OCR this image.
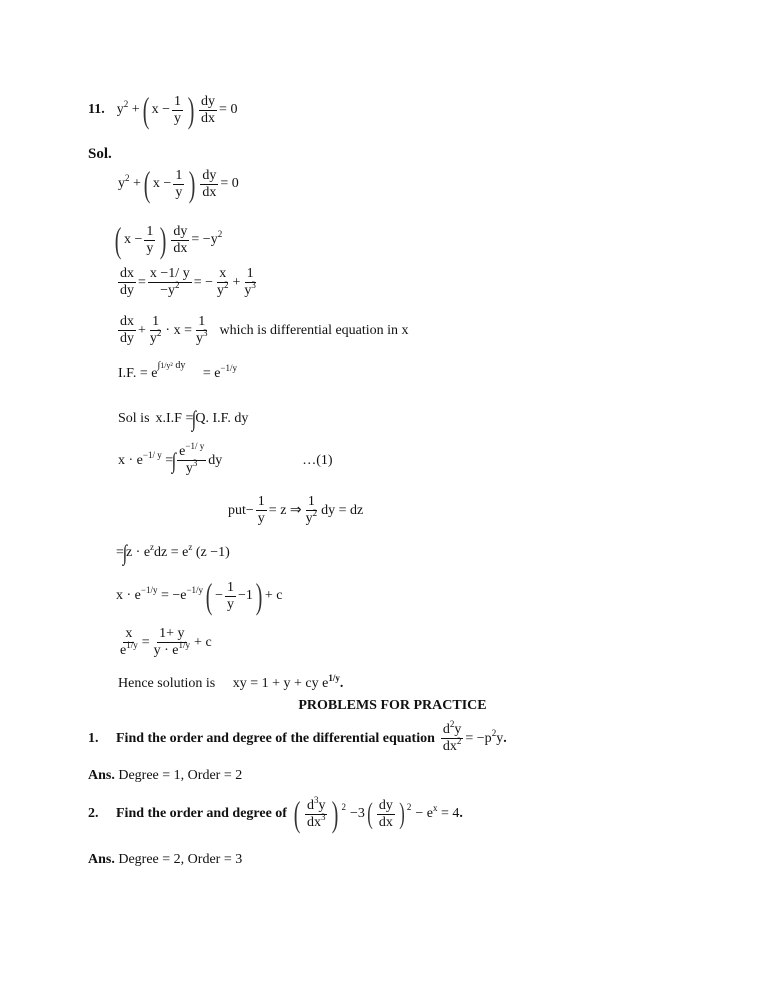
11. $y^2$ + ( $x - \frac{1}{y}$ ) $\frac{dy}{dx} = 0$
Sol.
$y^2$ + ( $x - \frac{1}{y}$ ) $\frac{dy}{dx} = 0$
( $x - \frac{1}{y}$ ) $\frac{dy}{dx} = -y^2$
$\frac{dx}{dy} = \frac{x -1/ y}{-y^2}$ = − $\frac{x}{y^2} + \frac{1}{y^3}$
$\frac{dx}{dy} + \frac{1}{y^2} \cdot x = \frac{1}{y^3}$ which is differential equation in x
I.F. = $e^{\int 1/y^2 dy} = e^{-1/y}$
Sol is x.I.F =
∫
Q. I.F. dy
$x \cdot e^{-1/ y}$ =
∫ $\frac{e^{-1/ y}}{y^3}$ dy	…(1)
put − $\frac{1}{y} = z$ ⇒ $\frac{1}{y^2}$ dy = dz
=
∫
$z \cdot e^zdz = e^z$ (z −1)
$x \cdot e^{-1/y} = -e^{-1/y}$ ( − $\frac{1}{y} -1$ ) + c
$\frac{x}{e^{1/y}} = \frac{1+ y}{y \cdot e^{1/y}} + c$
Hence solution is xy = 1 + y + cy $e^{1/y}$.
PROBLEMS FOR PRACTICE
1.	Find the order and degree of the differential equation $\frac{d^2y}{dx^2} = -p^2y$ .
Ans. Degree = 1, Order = 2
2.	Find the order and degree of ( $\frac{d^3y}{dx^3}$ ) 2 −3 ( $\frac{dy}{dx}$ ) $2 - e^x = 4$ .
Ans. Degree = 2, Order = 3
